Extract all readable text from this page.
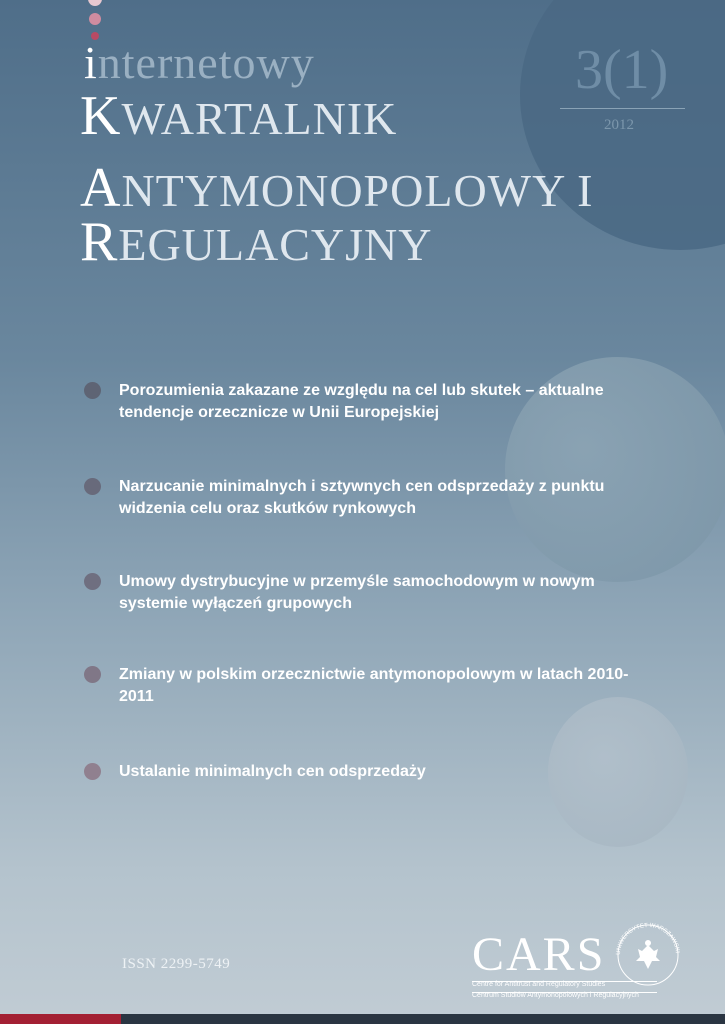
internetowy
KWARTALNIK
ANTYMONOPOLOWY I
REGULACYJNY
3(1)
2012
Porozumienia zakazane ze względu na cel lub skutek – aktualne tendencje orzecznicze w Unii Europejskiej
Narzucanie minimalnych i sztywnych cen odsprzedaży z punktu widzenia celu oraz skutków rynkowych
Umowy dystrybucyjne w przemyśle samochodowym w nowym systemie wyłączeń grupowych
Zmiany w polskim orzecznictwie antymonopolowym w latach 2010-2011
Ustalanie minimalnych cen odsprzedaży
ISSN 2299-5749	CARS
Centre for Antitrust and Regulatory Studies
Centrum Studiów Antymonopolowych i Regulacyjnych
UNIWERSYTET WARSZAWSKI
